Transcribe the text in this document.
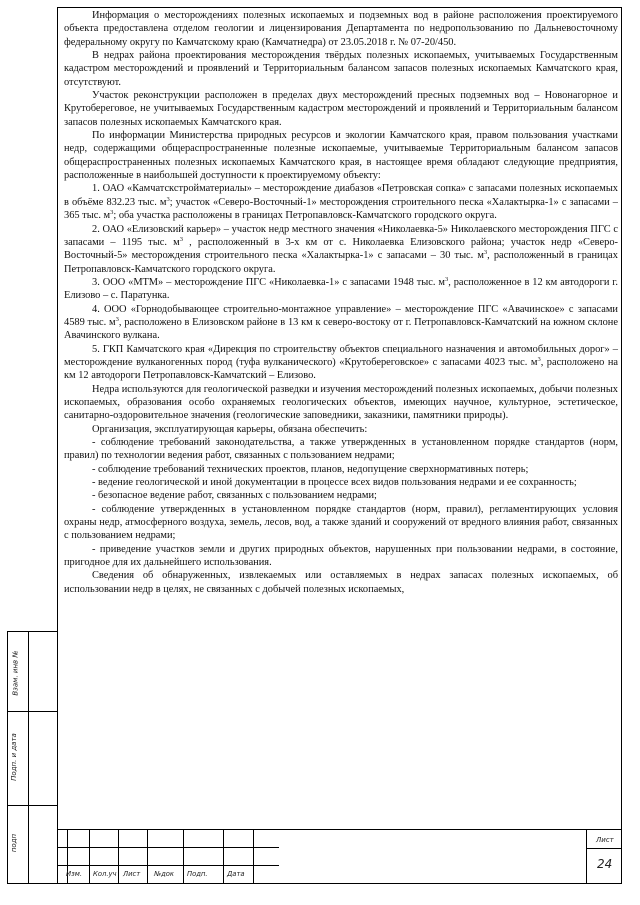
Информация о месторождениях полезных ископаемых и подземных вод в районе расположения проектируемого объекта предоставлена отделом геологии и лицензирования Департамента по недропользованию по Дальневосточному федеральному округу по Камчатскому краю (Камчатнедра) от 23.05.2018 г. № 07-20/450.

В недрах района проектирования месторождения твёрдых полезных ископаемых, учитываемых Государственным кадастром месторождений и проявлений и Территориальным балансом запасов полезных ископаемых Камчатского края, отсутствуют.

Участок реконструкции расположен в пределах двух месторождений пресных подземных вод – Новонагорное и Крутобереговое, не учитываемых Государственным кадастром месторождений и проявлений и Территориальным балансом запасов полезных ископаемых Камчатского края.

По информации Министерства природных ресурсов и экологии Камчатского края, правом пользования участками недр, содержащими общераспространенные полезные ископаемые, учитываемые Территориальным балансом запасов общераспространенных полезных ископаемых Камчатского края, в настоящее время обладают следующие предприятия, расположенные в наибольшей доступности к проектируемому объекту:

1. ОАО «Камчатскстройматериалы» – месторождение диабазов «Петровская сопка» с запасами полезных ископаемых в объёме 832.23 тыс. $м^3$; участок «Северо-Восточный-1» месторождения строительного песка «Халактырка-1» с запасами – 365 тыс. $м^3$; оба участка расположены в границах Петропавловск-Камчатского городского округа.

2. ОАО «Елизовский карьер» – участок недр местного значения «Николаевка-5» Николаевского месторождения ПГС с запасами – 1195 тыс. $м^3$ , расположенный в 3-х км от с. Николаевка Елизовского района; участок недр «Северо-Восточный-5» месторождения строительного песка «Халактырка-1» с запасами – 30 тыс. $м^3$, расположенный в границах Петропавловск-Камчатского городского округа.

3. ООО «МТМ» – месторождение ПГС «Николаевка-1» с запасами 1948 тыс. $м^3$, расположенное в 12 км автодороги г. Елизово – с. Паратунка.

4. ООО «Горнодобывающее строительно-монтажное управление» – месторождение ПГС «Авачинское» с запасами 4589 тыс. $м^3$, расположено в Елизовском районе в 13 км к северо-востоку от г. Петропавловск-Камчатский на южном склоне Авачинского вулкана.

5. ГКП Камчатского края «Дирекция по строительству объектов специального назначения и автомобильных дорог» – месторождение вулканогенных пород (туфа вулканического) «Крутобереговское» с запасами 4023 тыс. $м^3$, расположено на км 12 автодороги Петропавловск-Камчатский – Елизово.

Недра используются для геологической разведки и изучения месторождений полезных ископаемых, добычи полезных ископаемых, образования особо охраняемых геологических объектов, имеющих научное, культурное, эстетическое, санитарно-оздоровительное значения (геологические заповедники, заказники, памятники природы).

Организация, эксплуатирующая карьеры, обязана обеспечить:

- соблюдение требований законодательства, а также утвержденных в установленном порядке стандартов (норм, правил) по технологии ведения работ, связанных с пользованием недрами;

- соблюдение требований технических проектов, планов, недопущение сверхнормативных потерь;

- ведение геологической и иной документации в процессе всех видов пользования недрами и ее сохранность;

- безопасное ведение работ, связанных с пользованием недрами;

- соблюдение утвержденных в установленном порядке стандартов (норм, правил), регламентирующих условия охраны недр, атмосферного воздуха, земель, лесов, вод, а также зданий и сооружений от вредного влияния работ, связанных с пользованием недрами;

- приведение участков земли и других природных объектов, нарушенных при пользовании недрами, в состояние, пригодное для их дальнейшего использования.

Сведения об обнаруженных, извлекаемых или оставляемых в недрах запасах полезных ископаемых, об использовании недр в целях, не связанных с добычей полезных ископаемых,

Изм. Кол.уч Лист №док Подп.	Дата
Лист
24
Взам. инв №
Подп. и дата
подп
